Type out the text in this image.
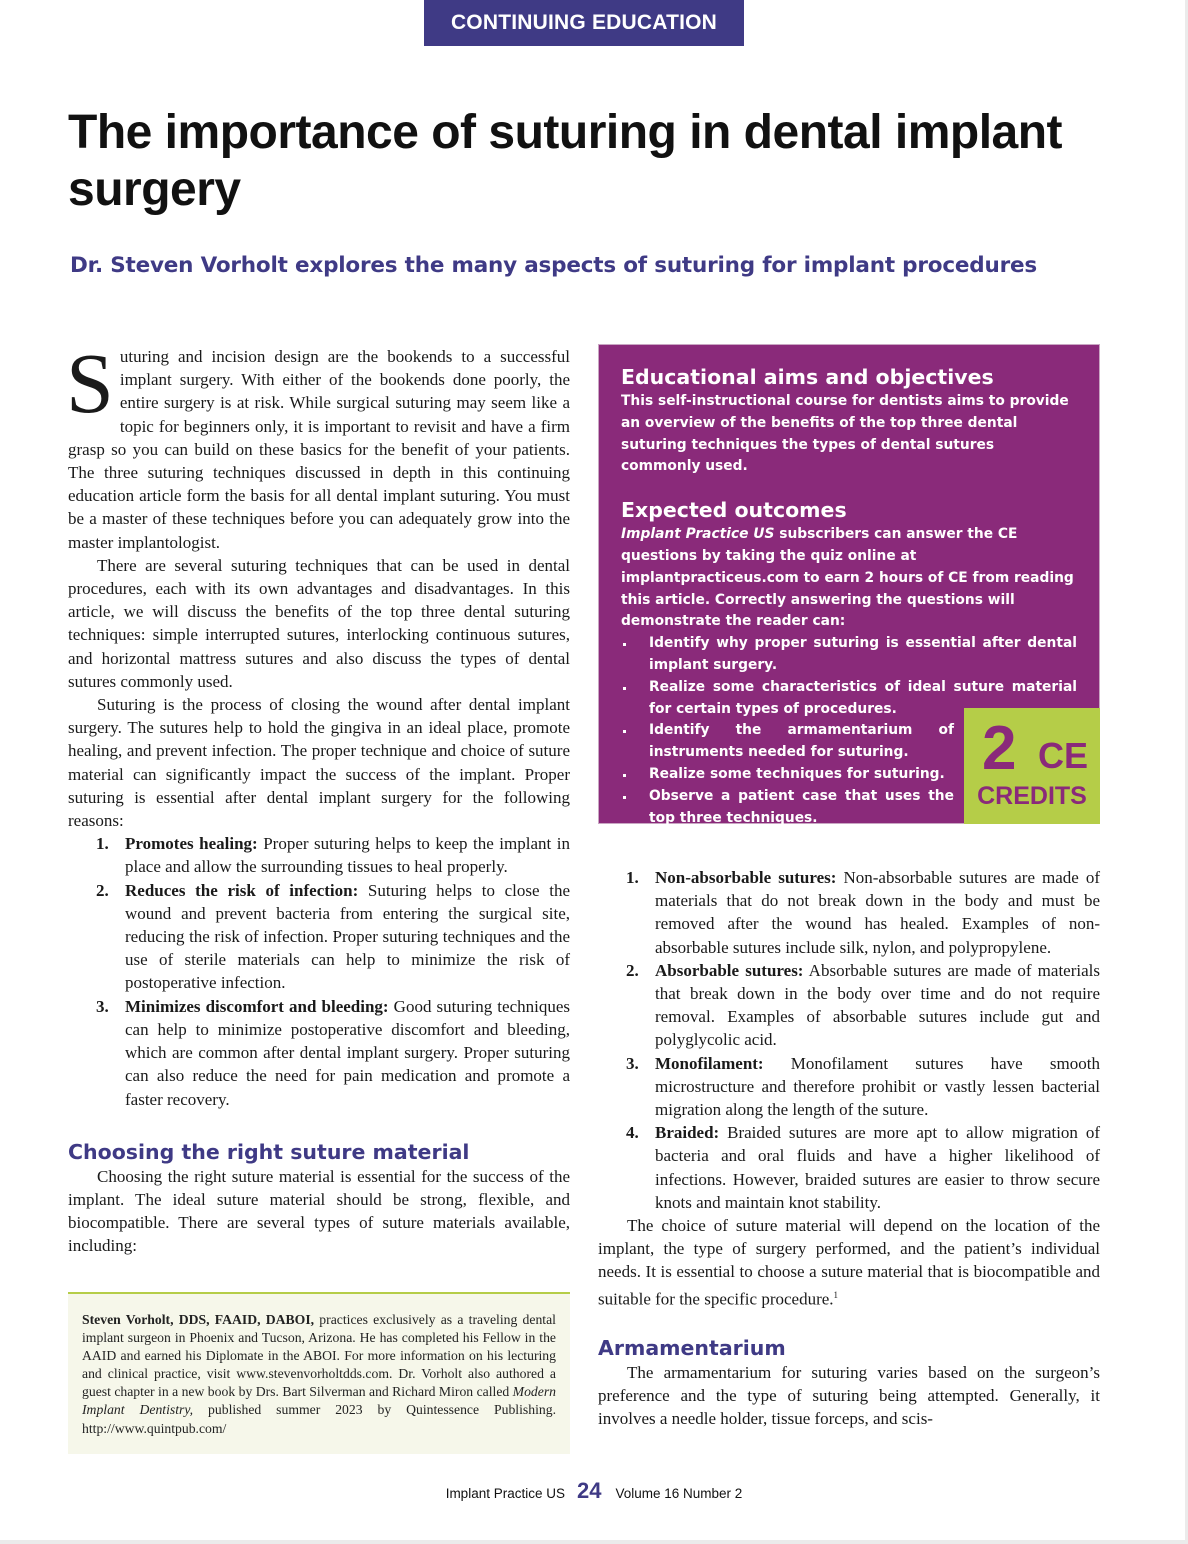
CONTINUING EDUCATION
The importance of suturing in dental implant surgery
Dr. Steven Vorholt explores the many aspects of suturing for implant procedures

Suturing and incision design are the bookends to a successful implant surgery. With either of the bookends done poorly, the entire surgery is at risk. While surgical suturing may seem like a topic for beginners only, it is important to revisit and have a firm grasp so you can build on these basics for the benefit of your patients. The three suturing techniques discussed in depth in this continuing education article form the basis for all dental implant suturing. You must be a master of these techniques before you can adequately grow into the master implantologist.

There are several suturing techniques that can be used in dental procedures, each with its own advantages and disadvantages. In this article, we will discuss the benefits of the top three dental suturing techniques: simple interrupted sutures, interlocking continuous sutures, and horizontal mattress sutures and also discuss the types of dental sutures commonly used.

Suturing is the process of closing the wound after dental implant surgery. The sutures help to hold the gingiva in an ideal place, promote healing, and prevent infection. The proper technique and choice of suture material can significantly impact the success of the implant. Proper suturing is essential after dental implant surgery for the following reasons:

1. Promotes healing: Proper suturing helps to keep the implant in place and allow the surrounding tissues to heal properly.
2. Reduces the risk of infection: Suturing helps to close the wound and prevent bacteria from entering the surgical site, reducing the risk of infection. Proper suturing techniques and the use of sterile materials can help to minimize the risk of postoperative infection.
3. Minimizes discomfort and bleeding: Good suturing techniques can help to minimize postoperative discomfort and bleeding, which are common after dental implant surgery. Proper suturing can also reduce the need for pain medication and promote a faster recovery.
Choosing the right suture material

Choosing the right suture material is essential for the success of the implant. The ideal suture material should be strong, flexible, and biocompatible. There are several types of suture materials available, including:

Steven Vorholt, DDS, FAAID, DABOI, practices exclusively as a traveling dental implant surgeon in Phoenix and Tucson, Arizona. He has completed his Fellow in the AAID and earned his Diplomate in the ABOI. For more information on his lecturing and clinical practice, visit www.stevenvorholtdds.com. Dr. Vorholt also authored a guest chapter in a new book by Drs. Bart Silverman and Richard Miron called Modern Implant Dentistry, published summer 2023 by Quintessence Publishing. http://www.quintpub.com/
Educational aims and objectives

This self-instructional course for dentists aims to provide an overview of the benefits of the top three dental suturing techniques the types of dental sutures commonly used.

Expected outcomes

Implant Practice US subscribers can answer the CE questions by taking the quiz online at implantpracticeus.com to earn 2 hours of CE from reading this article. Correctly answering the questions will demonstrate the reader can:

Identify why proper suturing is essential after dental implant surgery.
Realize some characteristics of ideal suture material for certain types of procedures.
Identify the armamentarium of instruments needed for suturing.
Realize some techniques for suturing.
Observe a patient case that uses the top three techniques.
2 CE
CREDITS
1. Non-absorbable sutures: Non-absorbable sutures are made of materials that do not break down in the body and must be removed after the wound has healed. Examples of non-absorbable sutures include silk, nylon, and polypropylene.
2. Absorbable sutures: Absorbable sutures are made of materials that break down in the body over time and do not require removal. Examples of absorbable sutures include gut and polyglycolic acid.
3. Monofilament: Monofilament sutures have smooth microstructure and therefore prohibit or vastly lessen bacterial migration along the length of the suture.
4. Braided: Braided sutures are more apt to allow migration of bacteria and oral fluids and have a higher likelihood of infections. However, braided sutures are easier to throw secure knots and maintain knot stability.

The choice of suture material will depend on the location of the implant, the type of surgery performed, and the patient’s individual needs. It is essential to choose a suture material that is biocompatible and suitable for the specific procedure.$^1$

Armamentarium

The armamentarium for suturing varies based on the surgeon’s preference and the type of suturing being attempted. Generally, it involves a needle holder, tissue forceps, and scis-

Implant Practice US 24 Volume 16 Number 2
